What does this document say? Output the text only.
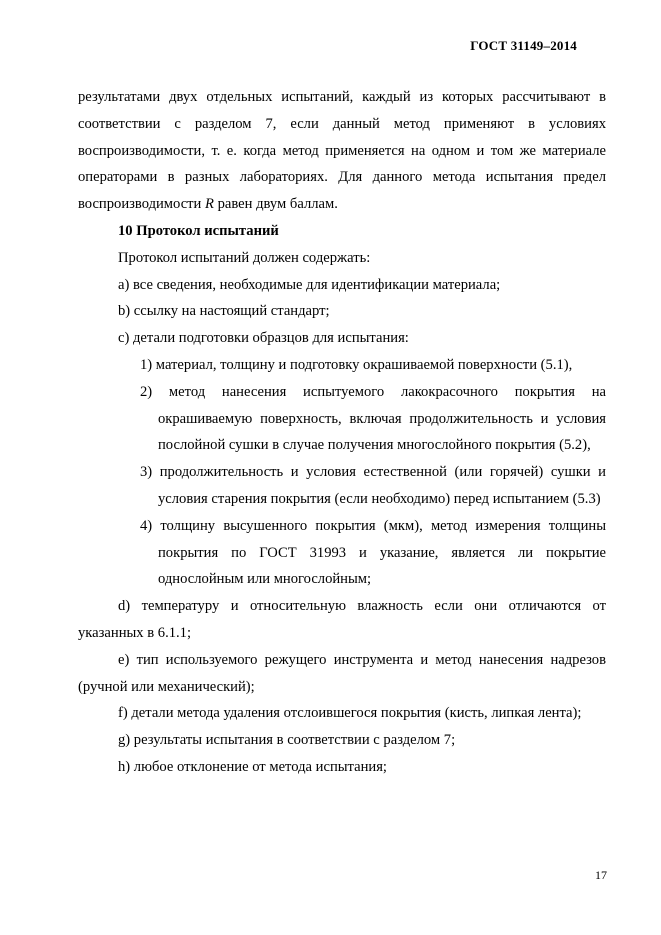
ГОСТ 31149–2014

результатами двух отдельных испытаний, каждый из которых рассчитывают в соответствии с разделом 7, если данный метод применяют в условиях воспроизводимости, т. е. когда метод применяется на одном и том же материале операторами в разных лабораториях. Для данного метода испытания предел воспроизводимости R равен двум баллам.

10 Протокол испытаний

Протокол испытаний должен содержать:

a) все сведения, необходимые для идентификации материала;

b) ссылку на настоящий стандарт;

c) детали подготовки образцов для испытания:

1) материал, толщину и подготовку окрашиваемой поверхности (5.1),

2) метод нанесения испытуемого лакокрасочного покрытия на окрашиваемую поверхность, включая продолжительность и условия послойной сушки в случае получения многослойного покрытия (5.2),

3) продолжительность и условия естественной (или горячей) сушки и условия старения покрытия (если необходимо) перед испытанием (5.3)

4) толщину высушенного покрытия (мкм), метод измерения толщины покрытия по ГОСТ 31993 и указание, является ли покрытие однослойным или многослойным;

d) температуру и относительную влажность если они отличаются от указанных в 6.1.1;

e) тип используемого режущего инструмента и метод нанесения надрезов (ручной или механический);

f) детали метода удаления отслоившегося покрытия (кисть, липкая лента);

g) результаты испытания в соответствии с разделом 7;

h) любое отклонение от метода испытания;

17
